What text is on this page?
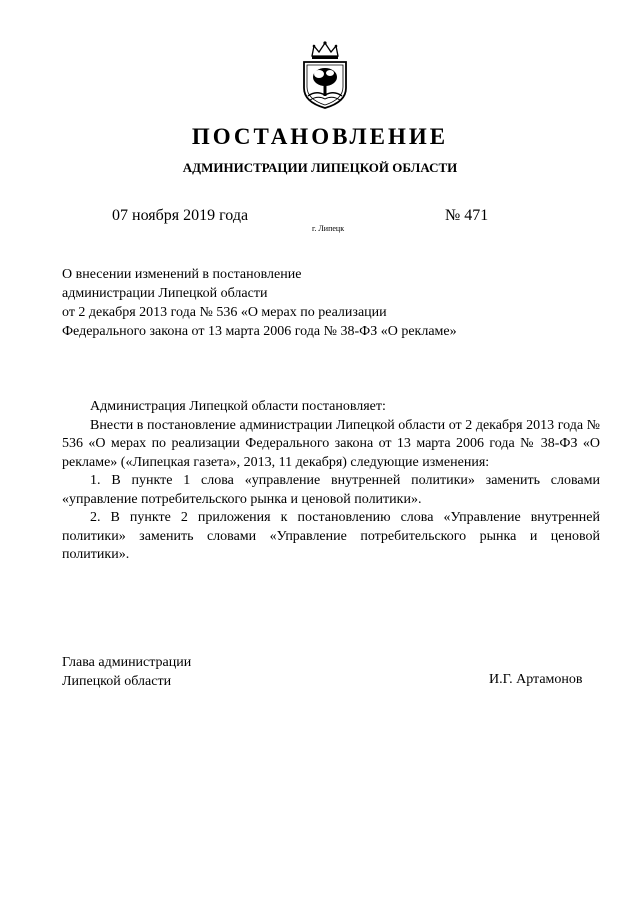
ПОСТАНОВЛЕНИЕ
АДМИНИСТРАЦИИ ЛИПЕЦКОЙ ОБЛАСТИ
07 ноября 2019 года
г. Липецк
№ 471
О внесении изменений в постановление
администрации Липецкой области
от 2 декабря 2013 года № 536 «О мерах по реализации
Федерального закона от 13 марта 2006 года № 38-ФЗ «О рекламе»

Администрация Липецкой области постановляет:

Внести в постановление администрации Липецкой области от 2 декабря 2013 года № 536 «О мерах по реализации Федерального закона от 13 марта 2006 года № 38-ФЗ «О рекламе» («Липецкая газета», 2013, 11 декабря) следующие изменения:

1. В пункте 1 слова «управление внутренней политики» заменить словами «управление потребительского рынка и ценовой политики».

2. В пункте 2 приложения к постановлению слова «Управление внутренней политики» заменить словами «Управление потребительского рынка и ценовой политики».

Глава администрации
Липецкой области	И.Г. Артамонов
